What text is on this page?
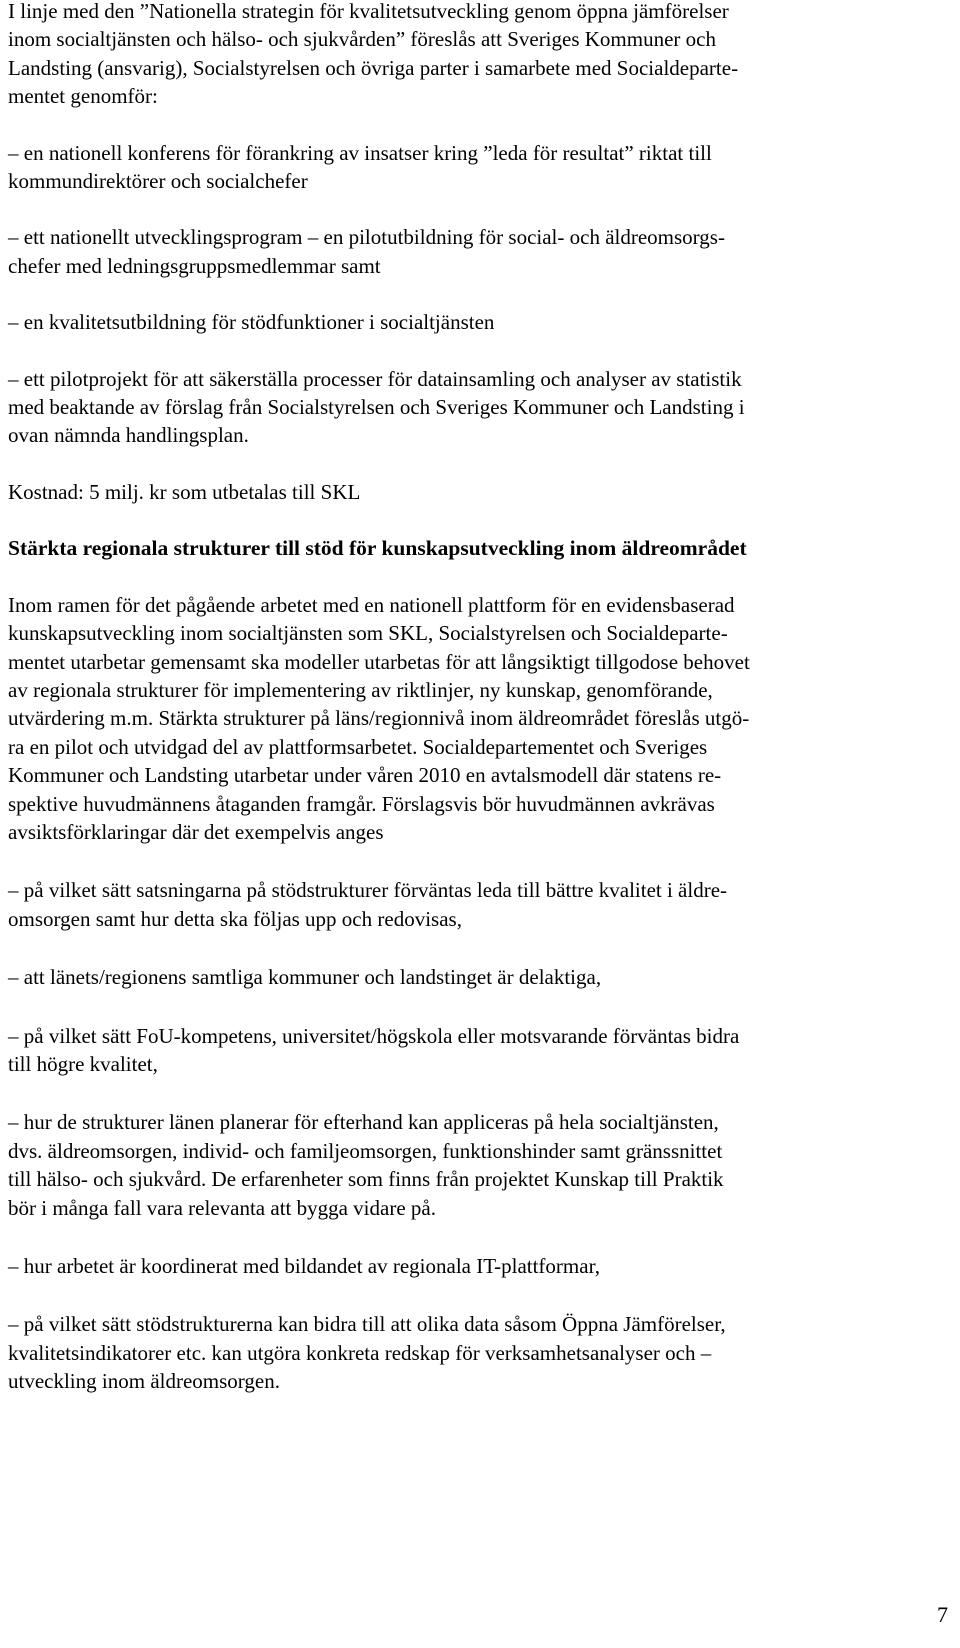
I linje med den ”Nationella strategin för kvalitetsutveckling genom öppna jämförelser

inom socialtjänsten och hälso- och sjukvården” föreslås att Sveriges Kommuner och

Landsting (ansvarig), Socialstyrelsen och övriga parter i samarbete med Socialdeparte-

mentet genomför:

– en nationell konferens för förankring av insatser kring ”leda för resultat” riktat till

kommundirektörer och socialchefer

– ett nationellt utvecklingsprogram – en pilotutbildning för social- och äldreomsorgs-

chefer med ledningsgruppsmedlemmar samt

– en kvalitetsutbildning för stödfunktioner i socialtjänsten

– ett pilotprojekt för att säkerställa processer för datainsamling och analyser av statistik

med beaktande av förslag från Socialstyrelsen och Sveriges Kommuner och Landsting i

ovan nämnda handlingsplan.

Kostnad: 5 milj. kr som utbetalas till SKL

Stärkta regionala strukturer till stöd för kunskapsutveckling inom äldreområdet

Inom ramen för det pågående arbetet med en nationell plattform för en evidensbaserad

kunskapsutveckling inom socialtjänsten som SKL, Socialstyrelsen och Socialdeparte-

mentet utarbetar gemensamt ska modeller utarbetas för att långsiktigt tillgodose behovet

av regionala strukturer för implementering av riktlinjer, ny kunskap, genomförande,

utvärdering m.m. Stärkta strukturer på läns/regionnivå inom äldreområdet föreslås utgö-

ra en pilot och utvidgad del av plattformsarbetet. Socialdepartementet och Sveriges

Kommuner och Landsting utarbetar under våren 2010 en avtalsmodell där statens re-

spektive huvudmännens åtaganden framgår. Förslagsvis bör huvudmännen avkrävas

avsiktsförklaringar där det exempelvis anges

– på vilket sätt satsningarna på stödstrukturer förväntas leda till bättre kvalitet i äldre-

omsorgen samt hur detta ska följas upp och redovisas,

– att länets/regionens samtliga kommuner och landstinget är delaktiga,

– på vilket sätt FoU-kompetens, universitet/högskola eller motsvarande förväntas bidra

till högre kvalitet,

– hur de strukturer länen planerar för efterhand kan appliceras på hela socialtjänsten,

dvs. äldreomsorgen, individ- och familjeomsorgen, funktionshinder samt gränssnittet

till hälso- och sjukvård. De erfarenheter som finns från projektet Kunskap till Praktik

bör i många fall vara relevanta att bygga vidare på.

– hur arbetet är koordinerat med bildandet av regionala IT-plattformar,

– på vilket sätt stödstrukturerna kan bidra till att olika data såsom Öppna Jämförelser,

kvalitetsindikatorer etc. kan utgöra konkreta redskap för verksamhetsanalyser och –

utveckling inom äldreomsorgen.

7
